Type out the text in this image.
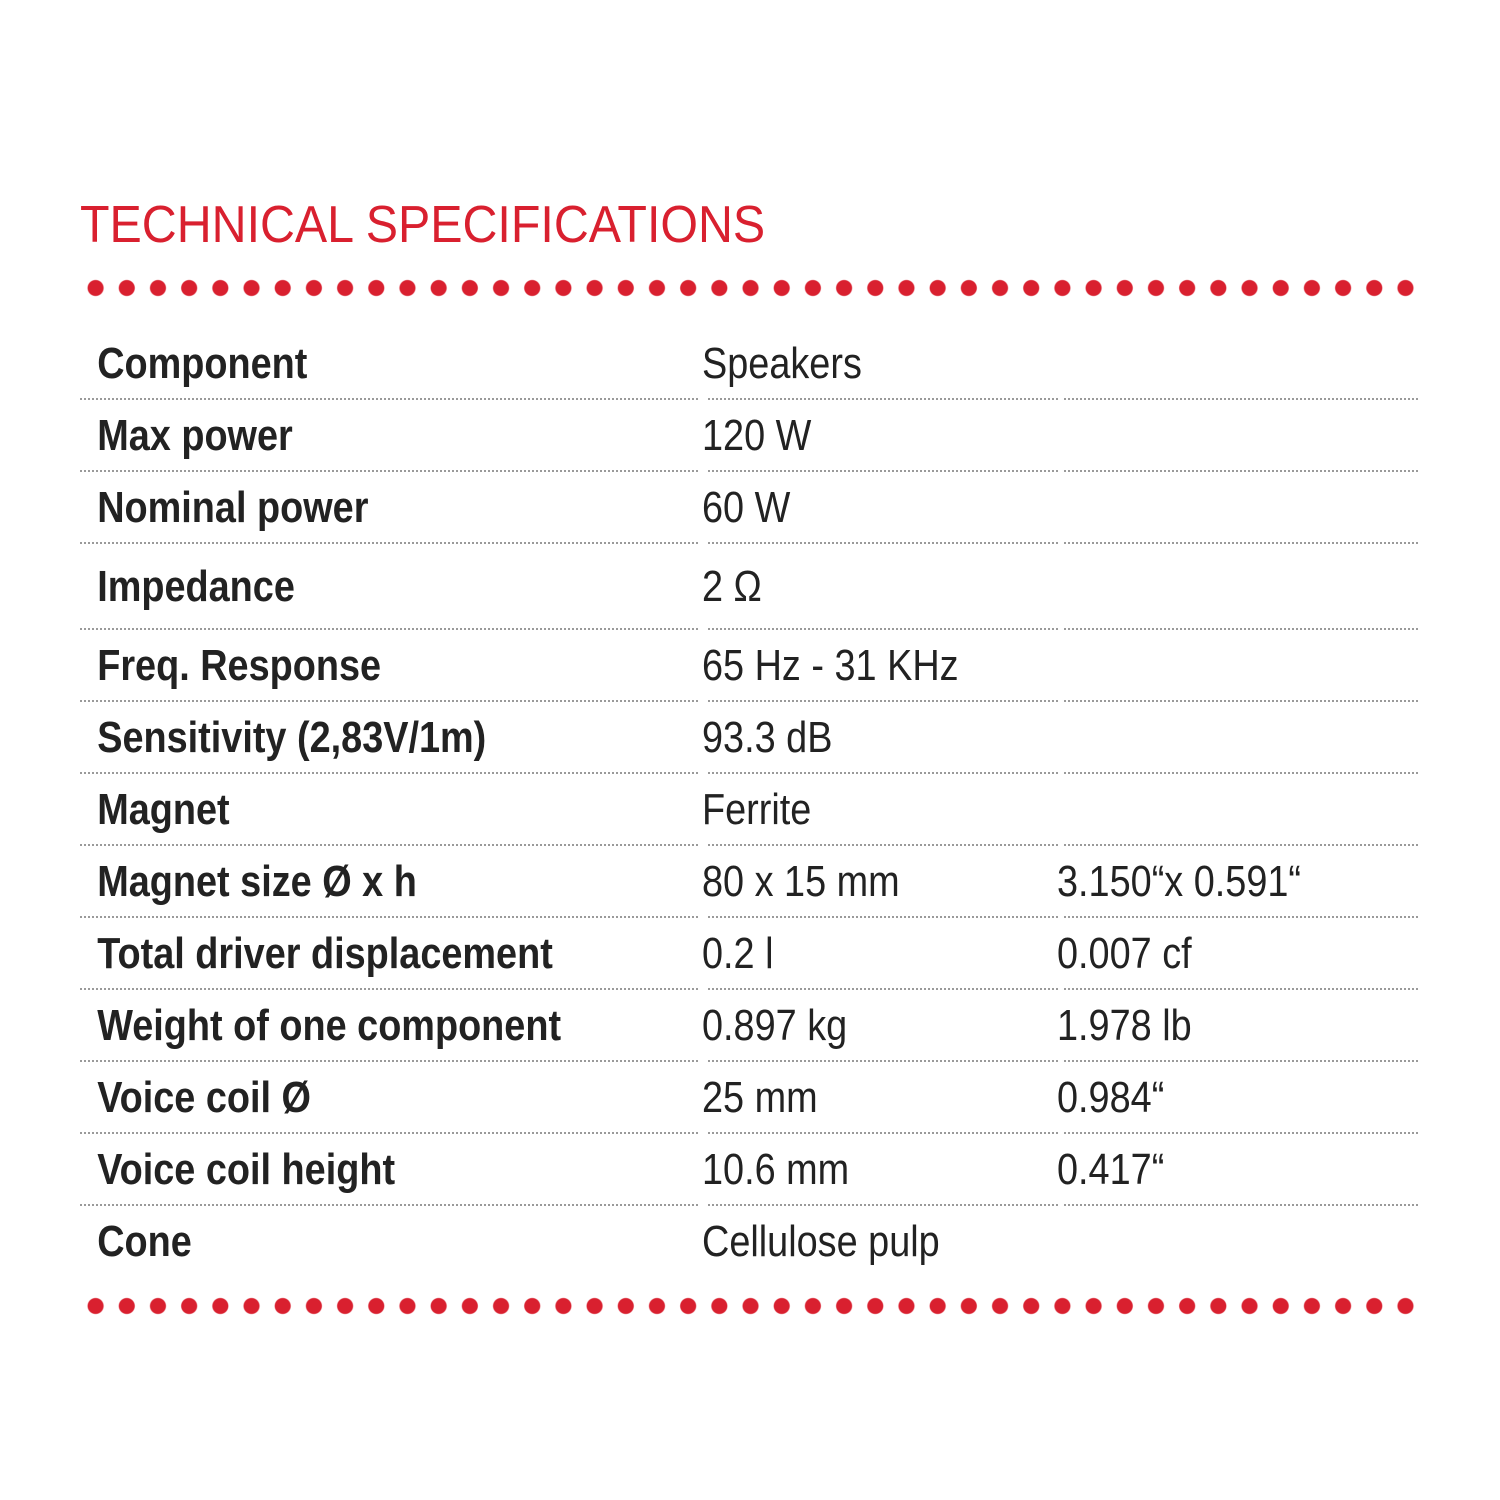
TECHNICAL SPECIFICATIONS
Component	Speakers
Max power	120 W
Nominal power	60 W
Impedance	2 Ω
Freq. Response	65 Hz - 31 KHz
Sensitivity (2,83V/1m)	93.3 dB
Magnet	Ferrite
Magnet size Ø x h	80 x 15 mm	3.150“x 0.591“
Total driver displacement	0.2 l	0.007 cf
Weight of one component	0.897 kg	1.978 lb
Voice coil Ø	25 mm	0.984“
Voice coil height	10.6 mm	0.417“
Cone	Cellulose pulp
